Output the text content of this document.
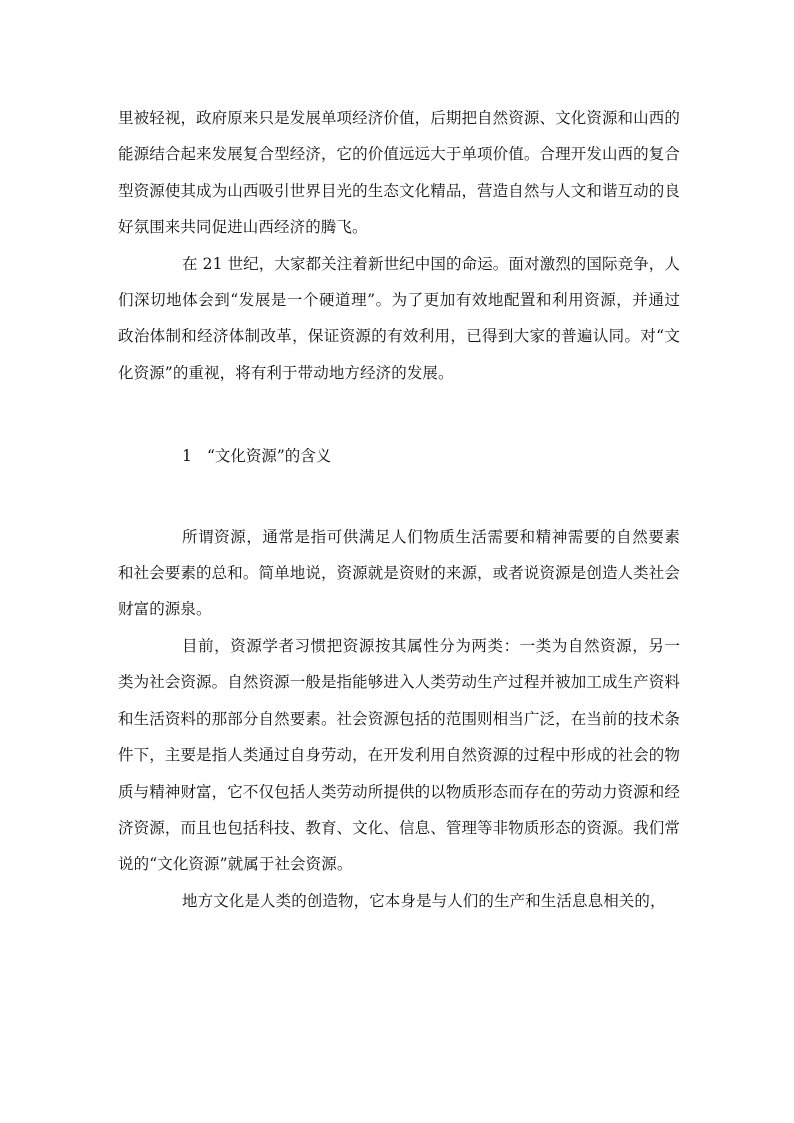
里被轻视，政府原来只是发展单项经济价值，后期把自然资源、文化资源和山西的能源结合起来发展复合型经济，它的价值远远大于单项价值。合理开发山西的复合型资源使其成为山西吸引世界目光的生态文化精品，营造自然与人文和谐互动的良好氛围来共同促进山西经济的腾飞。

在 21 世纪，大家都关注着新世纪中国的命运。面对激烈的国际竞争，人们深切地体会到“发展是一个硬道理”。为了更加有效地配置和利用资源，并通过政治体制和经济体制改革，保证资源的有效利用，已得到大家的普遍认同。对“文化资源”的重视，将有利于带动地方经济的发展。

1 “文化资源”的含义

所谓资源，通常是指可供满足人们物质生活需要和精神需要的自然要素和社会要素的总和。简单地说，资源就是资财的来源，或者说资源是创造人类社会财富的源泉。

目前，资源学者习惯把资源按其属性分为两类：一类为自然资源，另一类为社会资源。自然资源一般是指能够进入人类劳动生产过程并被加工成生产资料和生活资料的那部分自然要素。社会资源包括的范围则相当广泛，在当前的技术条件下，主要是指人类通过自身劳动，在开发利用自然资源的过程中形成的社会的物质与精神财富，它不仅包括人类劳动所提供的以物质形态而存在的劳动力资源和经济资源，而且也包括科技、教育、文化、信息、管理等非物质形态的资源。我们常说的“文化资源”就属于社会资源。

地方文化是人类的创造物，它本身是与人们的生产和生活息息相关的，
